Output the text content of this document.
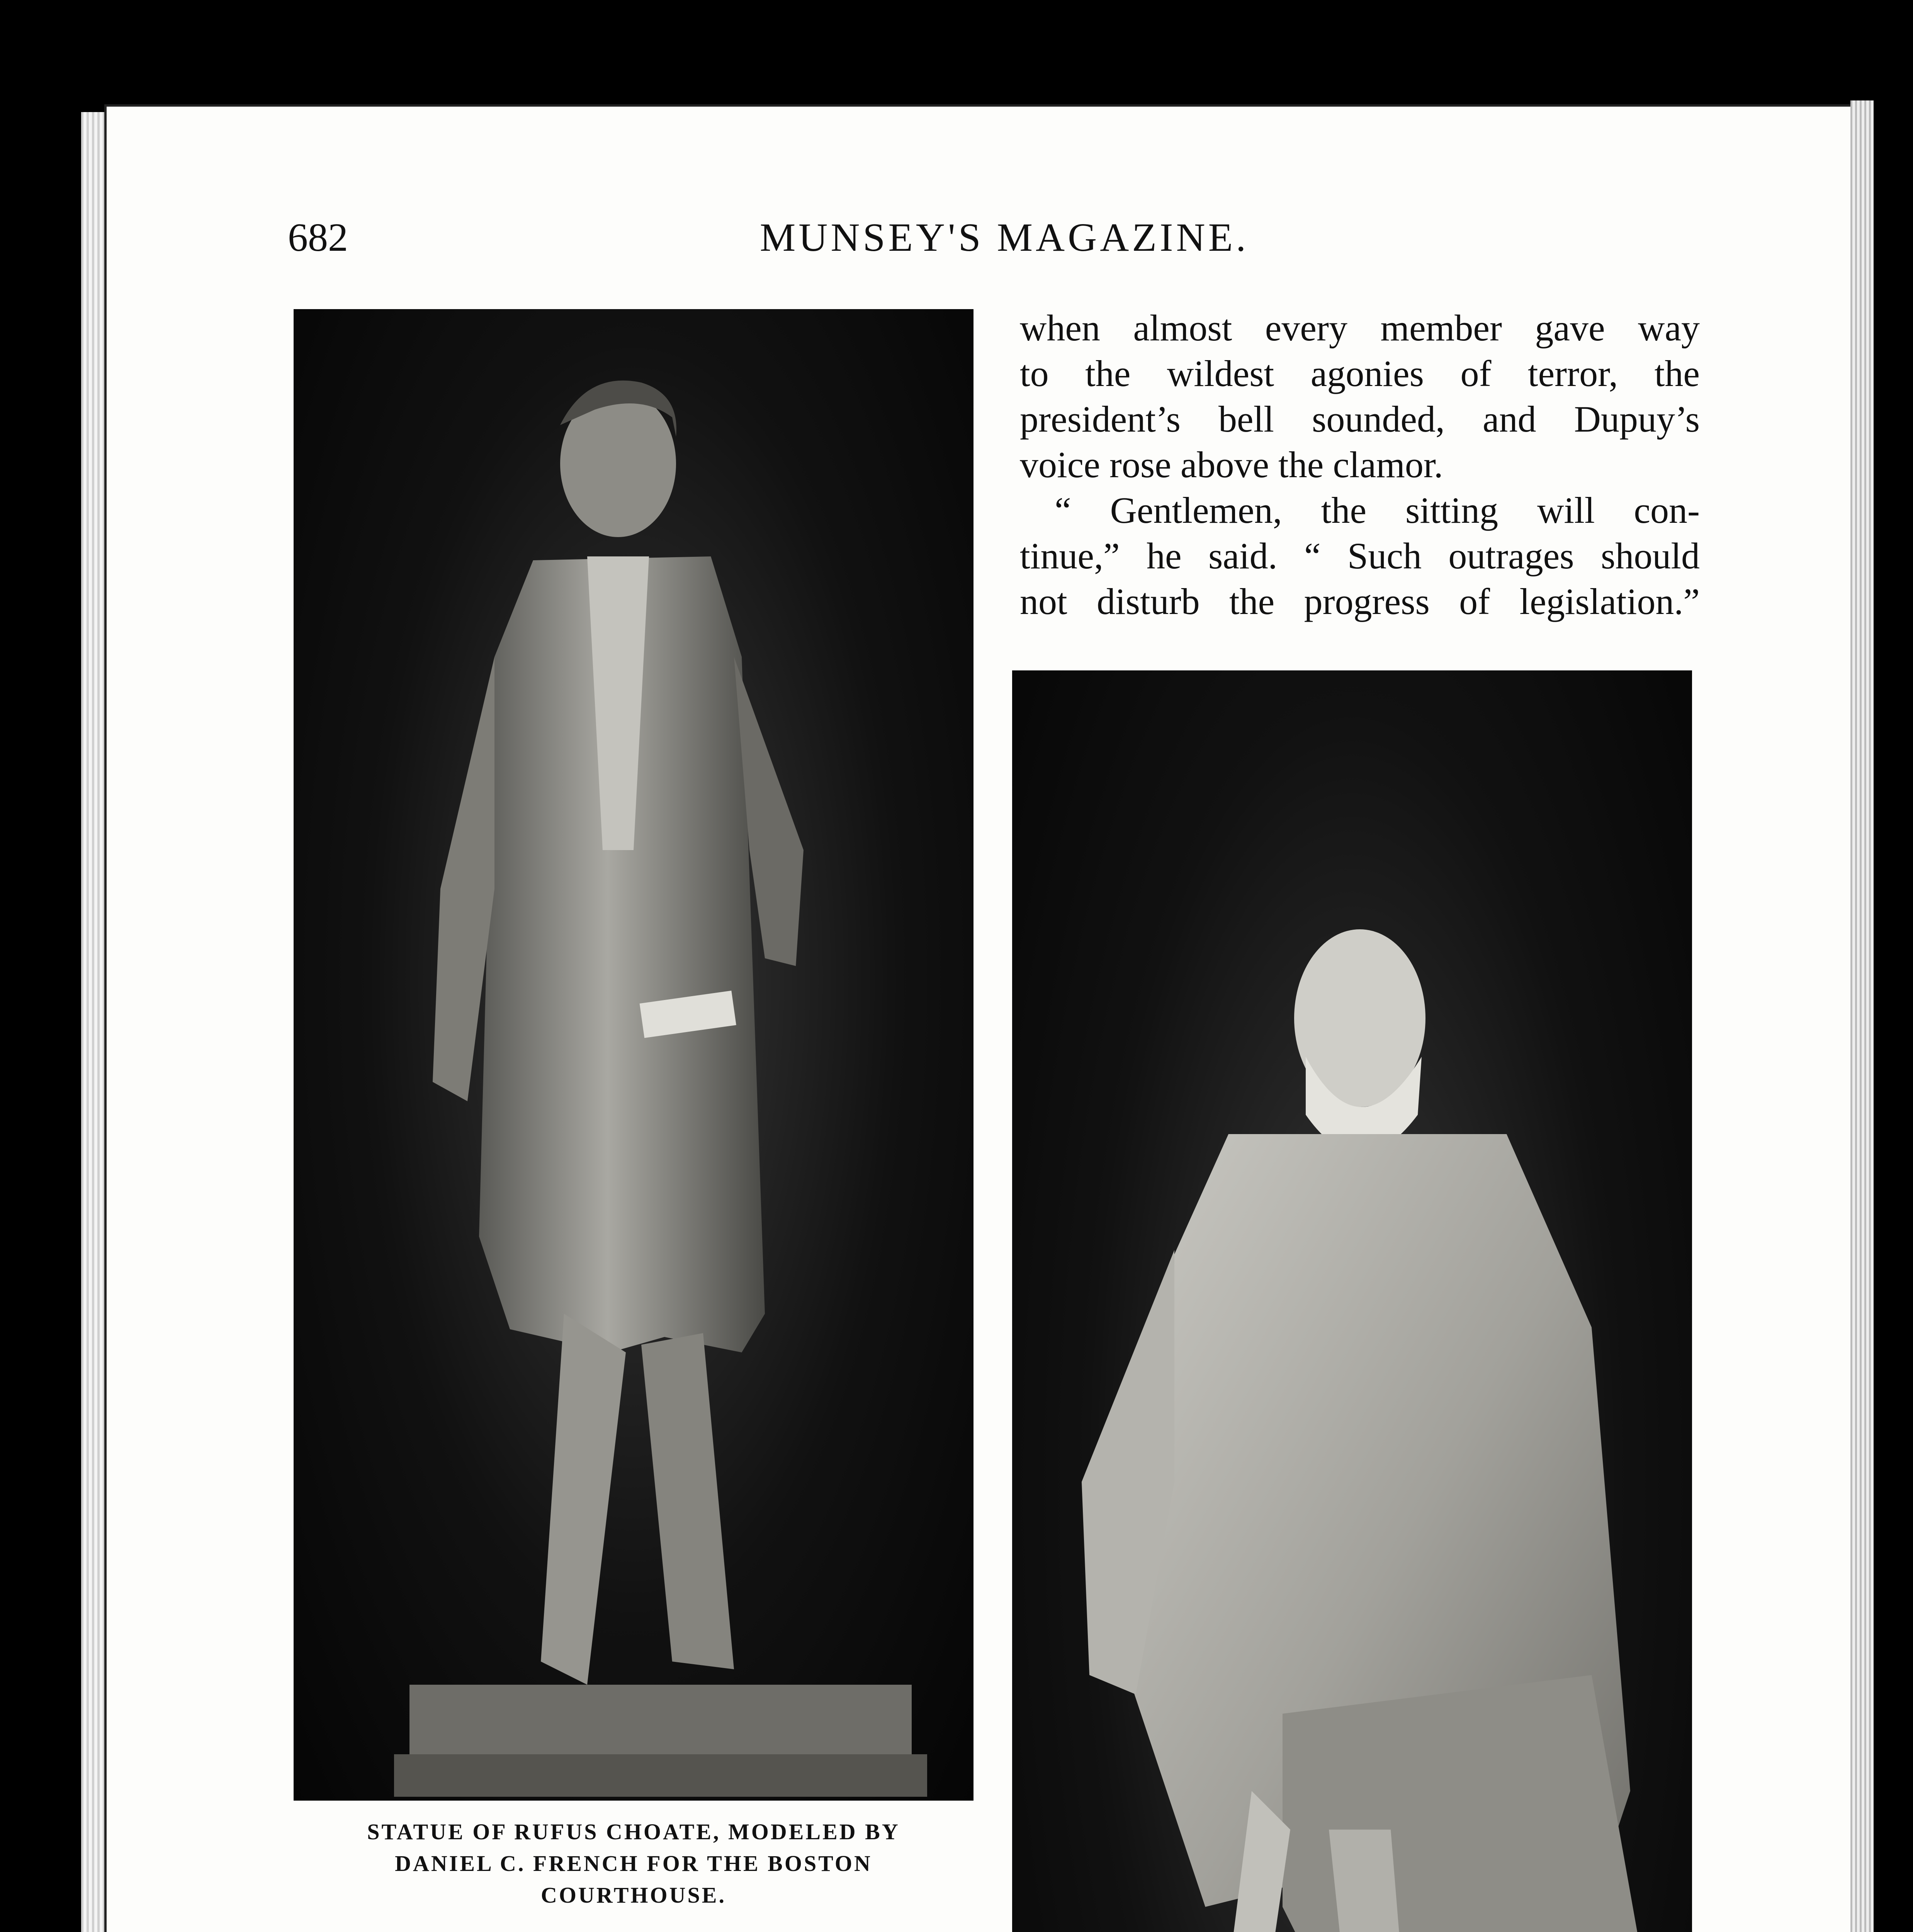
682	MUNSEY'S MAGAZINE.
STATUE OF RUFUS CHOATE, MODELED BY
DANIEL C. FRENCH FOR THE BOSTON
COURTHOUSE.
when almost every member gave way
to the wildest agonies of terror, the
president’s bell sounded, and Dupuy’s
voice rose above the clamor.
“ Gentlemen, the sitting will con-
tinue,” he said. “ Such outrages should
not disturb the progress of legislation.”
